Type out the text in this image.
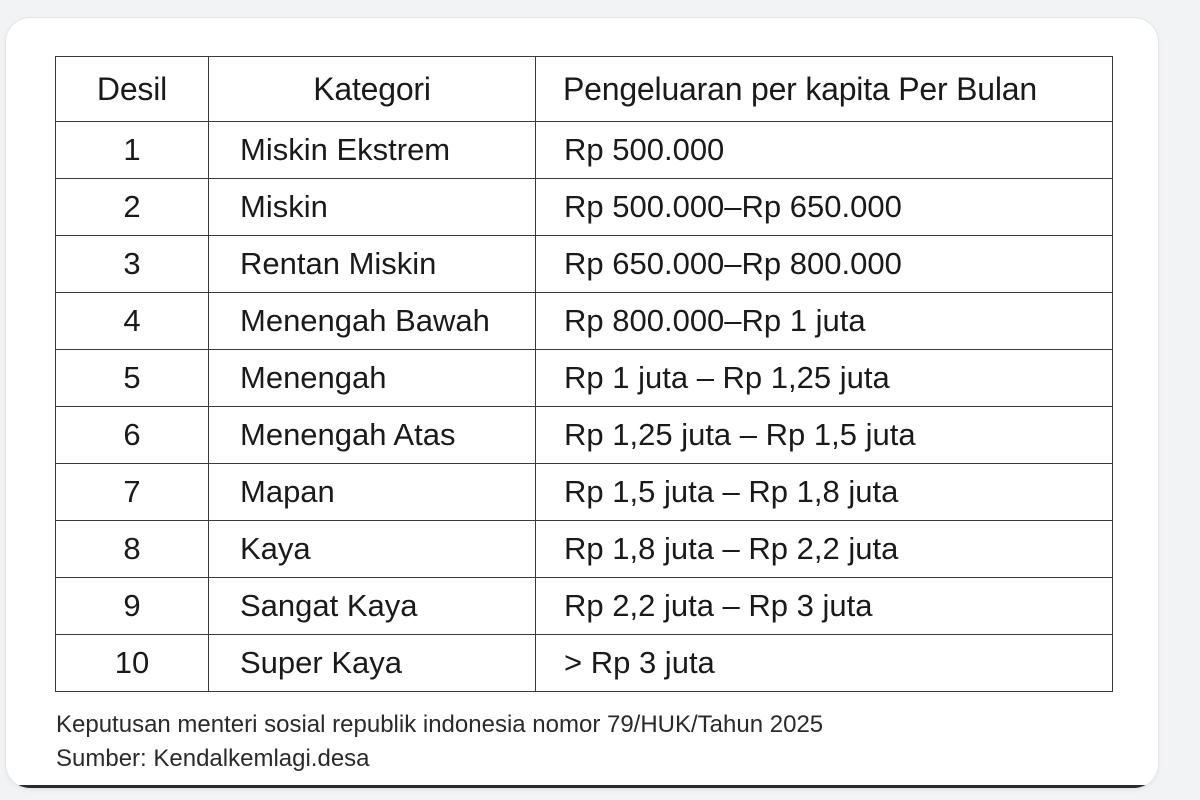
Desil	Kategori	Pengeluaran per kapita Per Bulan
1	Miskin Ekstrem	Rp 500.000
2	Miskin	Rp 500.000–Rp 650.000
3	Rentan Miskin	Rp 650.000–Rp 800.000
4	Menengah Bawah	Rp 800.000–Rp 1 juta
5	Menengah	Rp 1 juta – Rp 1,25 juta
6	Menengah Atas	Rp 1,25 juta – Rp 1,5 juta
7	Mapan	Rp 1,5 juta – Rp 1,8 juta
8	Kaya	Rp 1,8 juta – Rp 2,2 juta
9	Sangat Kaya	Rp 2,2 juta – Rp 3 juta
10	Super Kaya	> Rp 3 juta
Keputusan menteri sosial republik indonesia nomor 79/HUK/Tahun 2025
Sumber: Kendalkemlagi.desa
